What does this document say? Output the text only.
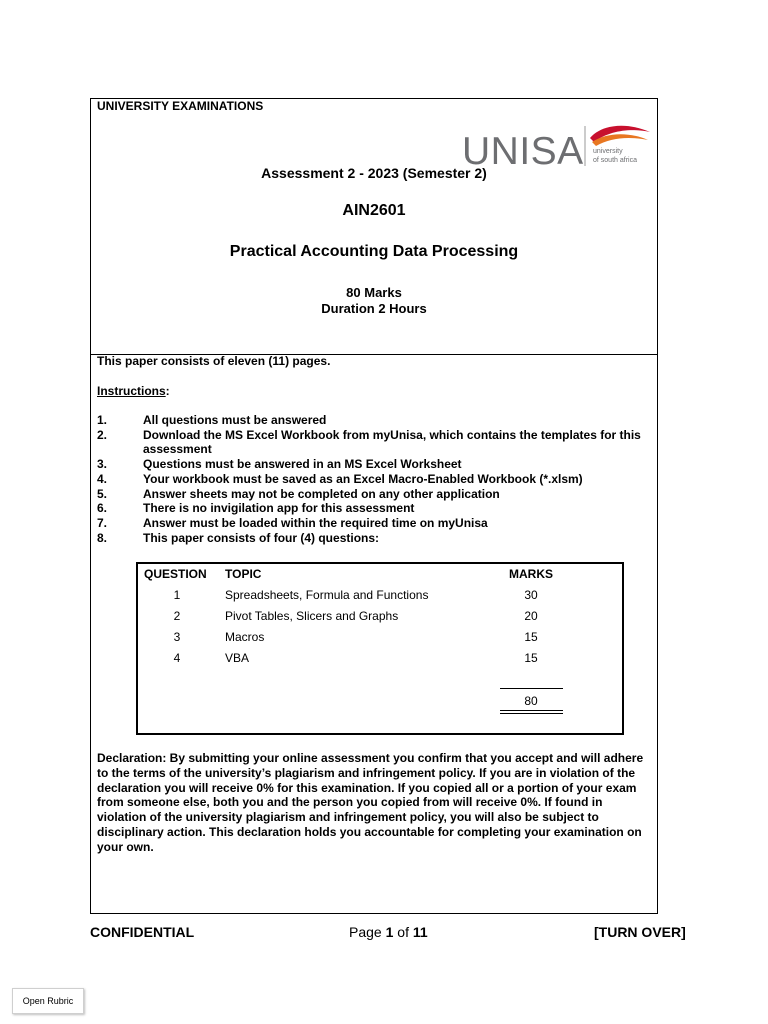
UNIVERSITY EXAMINATIONS
UNISA university
of south africa
Assessment 2 - 2023 (Semester 2)
AIN2601
Practical Accounting Data Processing
80 Marks
Duration 2 Hours
This paper consists of eleven (11) pages.
Instructions:
1.	All questions must be answered
2.	Download the MS Excel Workbook from myUnisa, which contains the templates for this assessment
3.	Questions must be answered in an MS Excel Worksheet
4.	Your workbook must be saved as an Excel Macro-Enabled Workbook (*.xlsm)
5.	Answer sheets may not be completed on any other application
6.	There is no invigilation app for this assessment
7.	Answer must be loaded within the required time on myUnisa
8.	This paper consists of four (4) questions:
QUESTION TOPIC	MARKS
1	Spreadsheets, Formula and Functions	30
2	Pivot Tables, Slicers and Graphs	20
3	Macros	15
4	VBA	15
80
Declaration: By submitting your online assessment you confirm that you accept and will adhere to the terms of the university’s plagiarism and infringement policy. If you are in violation of the declaration you will receive 0% for this examination. If you copied all or a portion of your exam from someone else, both you and the person you copied from will receive 0%. If found in violation of the university plagiarism and infringement policy, you will also be subject to disciplinary action. This declaration holds you accountable for completing your examination on your own.
CONFIDENTIAL	Page 1 of 11	[TURN OVER]
Open Rubric
